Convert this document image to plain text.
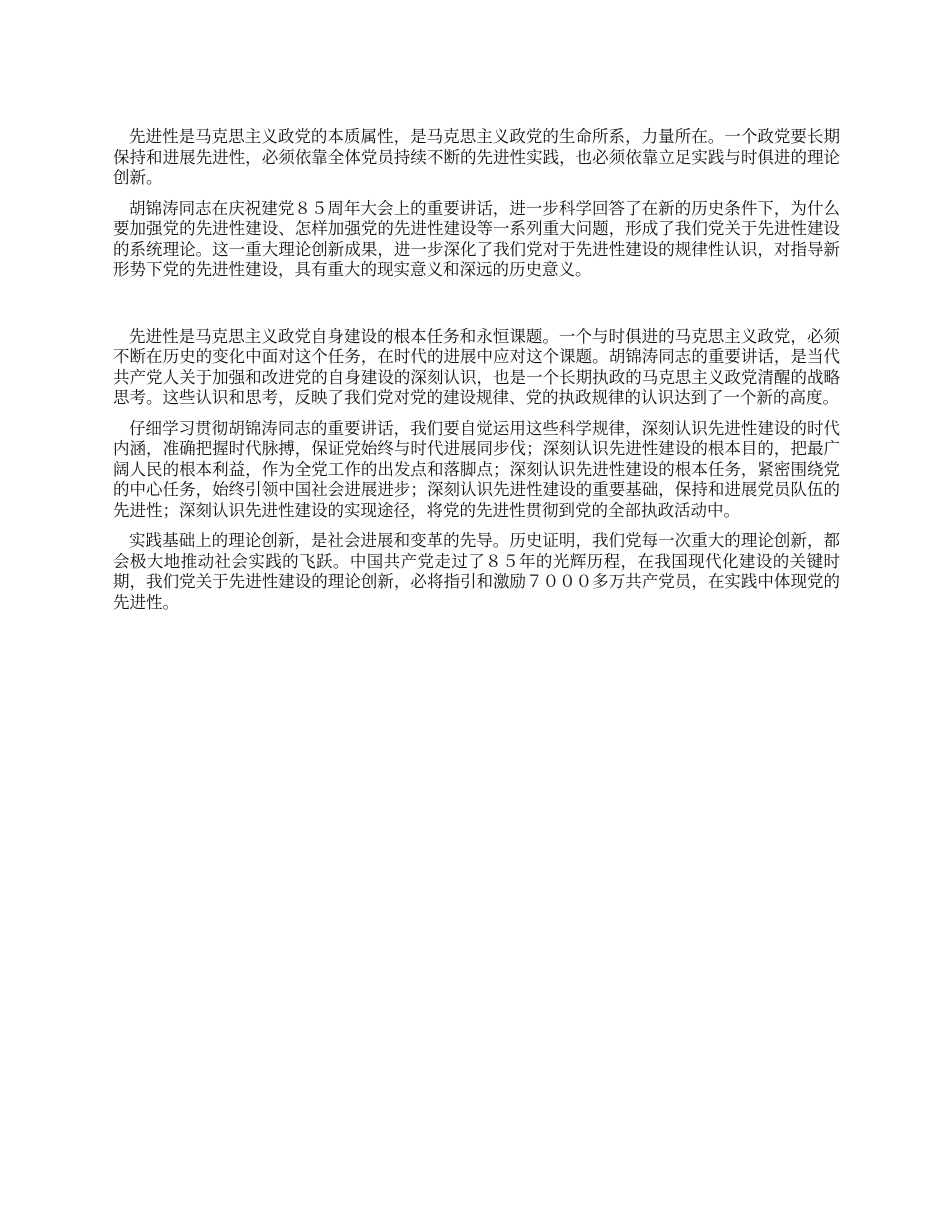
先进性是马克思主义政党的本质属性，是马克思主义政党的生命所系，力量所在。一个政党要长期保持和进展先进性，必须依靠全体党员持续不断的先进性实践，也必须依靠立足实践与时俱进的理论创新。

胡锦涛同志在庆祝建党８５周年大会上的重要讲话，进一步科学回答了在新的历史条件下，为什么要加强党的先进性建设、怎样加强党的先进性建设等一系列重大问题，形成了我们党关于先进性建设的系统理论。这一重大理论创新成果，进一步深化了我们党对于先进性建设的规律性认识，对指导新形势下党的先进性建设，具有重大的现实意义和深远的历史意义。

先进性是马克思主义政党自身建设的根本任务和永恒课题。一个与时俱进的马克思主义政党，必须不断在历史的变化中面对这个任务，在时代的进展中应对这个课题。胡锦涛同志的重要讲话，是当代共产党人关于加强和改进党的自身建设的深刻认识，也是一个长期执政的马克思主义政党清醒的战略思考。这些认识和思考，反映了我们党对党的建设规律、党的执政规律的认识达到了一个新的高度。

仔细学习贯彻胡锦涛同志的重要讲话，我们要自觉运用这些科学规律，深刻认识先进性建设的时代内涵，准确把握时代脉搏，保证党始终与时代进展同步伐；深刻认识先进性建设的根本目的，把最广阔人民的根本利益，作为全党工作的出发点和落脚点；深刻认识先进性建设的根本任务，紧密围绕党的中心任务，始终引领中国社会进展进步；深刻认识先进性建设的重要基础，保持和进展党员队伍的先进性；深刻认识先进性建设的实现途径，将党的先进性贯彻到党的全部执政活动中。

实践基础上的理论创新，是社会进展和变革的先导。历史证明，我们党每一次重大的理论创新，都会极大地推动社会实践的飞跃。中国共产党走过了８５年的光辉历程，在我国现代化建设的关键时期，我们党关于先进性建设的理论创新，必将指引和激励７０００多万共产党员，在实践中体现党的先进性。
